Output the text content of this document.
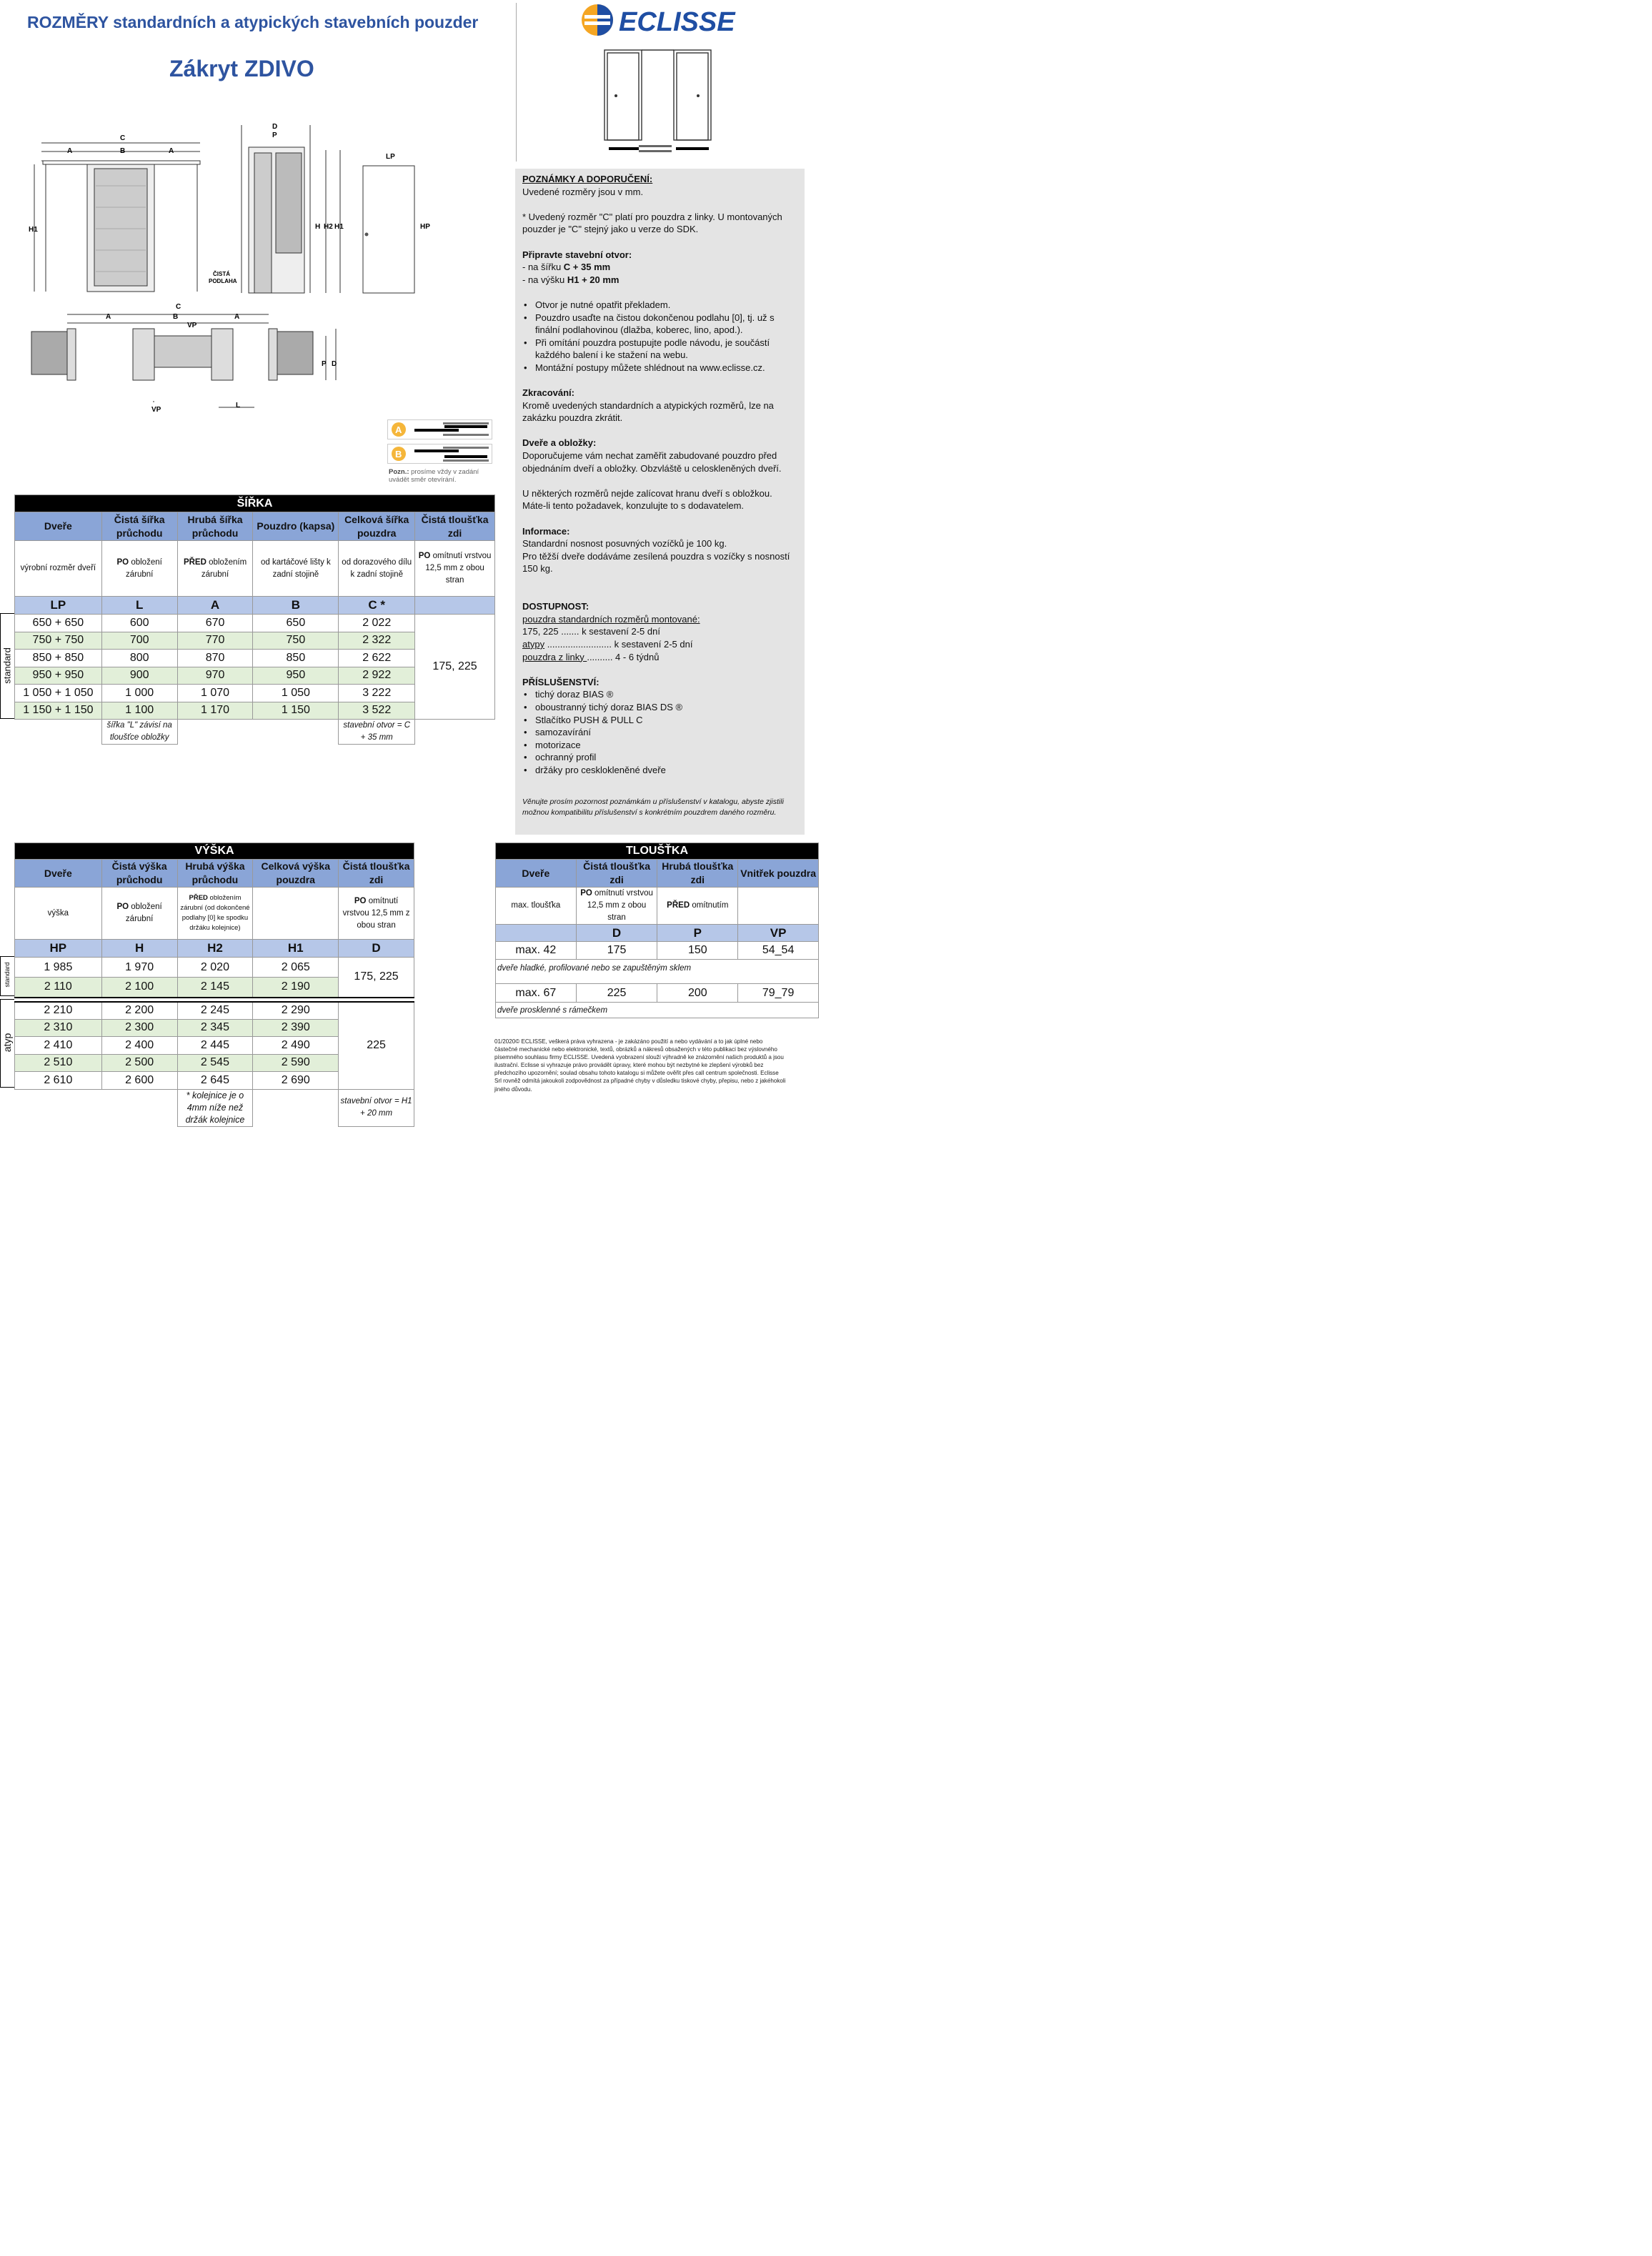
ROZMĚRY standardních a atypických stavebních pouzder
Zákryt ZDIVO
ECLISSE
C
A	B	A
H1
D
P
H H2 H1
ČISTÁ
PODLAHA
LP
HP
C
A	B	A
VP
P D
VP
L
A
B
Pozn.: prosíme vždy v zadání uvádět směr otevírání.
POZNÁMKY A DOPORUČENÍ:
Uvedené rozměry jsou v mm.
* Uvedený rozměr "C" platí pro pouzdra z linky. U montovaných pouzder je "C" stejný jako u verze do SDK.
Připravte stavební otvor:
- na šířku C + 35 mm
- na výšku H1 + 20 mm
• Otvor je nutné opatřit překladem.
• Pouzdro usaďte na čistou dokončenou podlahu [0], tj. už s finální podlahovinou (dlažba, koberec, lino, apod.).
• Při omítání pouzdra postupujte podle návodu, je součástí každého balení i ke stažení na webu.
• Montážní postupy můžete shlédnout na www.eclisse.cz.
Zkracování:
Kromě uvedených standardních a atypických rozměrů, lze na zakázku pouzdra zkrátit.
Dveře a obložky:
Doporučujeme vám nechat zaměřit zabudované pouzdro před objednáním dveří a obložky. Obzvláště u celoskleněných dveří.
U některých rozměrů nejde zalícovat hranu dveří s obložkou. Máte-li tento požadavek, konzulujte to s dodavatelem.
Informace:
Standardní nosnost posuvných vozíčků je 100 kg.
Pro těžší dveře dodáváme zesílená pouzdra s vozíčky s nosností 150 kg.
DOSTUPNOST:
pouzdra standardních rozměrů montované:
175, 225 ....... k sestavení 2-5 dní
atypy ......................... k sestavení 2-5 dní
pouzdra z linky .......... 4 - 6 týdnů
PŘÍSLUŠENSTVÍ:
• tichý doraz BIAS ®
• oboustranný tichý doraz BIAS DS ®
• Stlačítko PUSH & PULL C
• samozavírání
• motorizace
• ochranný profil
• držáky pro cesklokleněné dveře
Věnujte prosím pozornost poznámkám u příslušenství v katalogu, abyste zjistili možnou kompatibilitu příslušenství s konkrétním pouzdrem daného rozměru.
ŠÍŘKA					
Dveře	Čistá šířka průchodu	Hrubá šířka průchodu	Pouzdro (kapsa)	Celková šířka pouzdra	Čistá tloušťka zdi
výrobní rozměr dveří	PO obložení zárubní	PŘED obložením zárubní	od kartáčové lišty k zadní stojině	od dorazového dílu k zadní stojině	PO omítnutí vrstvou 12,5 mm z obou stran
LP	L	A	B	C *	
650 + 650	600	670	650	2 022	175, 225
750 + 750	700	770	750	2 322	
850 + 850	800	870	850	2 622	
950 + 950	900	970	950	2 922	
1 050 + 1 050	1 000	1 070	1 050	3 222	
1 150 + 1 150	1 100	1 170	1 150	3 522	
	šířka "L" závisí na tloušťce obložky			stavební otvor = C + 35 mm	
standard
VÝŠKA				
Dveře	Čistá výška průchodu	Hrubá výška průchodu	Celková výška pouzdra	Čistá tloušťka zdi
výška	PO obložení zárubní	PŘED obložením zárubní (od dokončené podlahy [0] ke spodku držáku kolejnice)		PO omítnutí vrstvou 12,5 mm z obou stran
HP	H	H2	H1	D
1 985	1 970	2 020	2 065	175, 225
2 110	2 100	2 145	2 190	

2 210	2 200	2 245	2 290	225
2 310	2 300	2 345	2 390	
2 410	2 400	2 445	2 490	
2 510	2 500	2 545	2 590	
2 610	2 600	2 645	2 690	
		* kolejnice je o 4mm níže než držák kolejnice		stavební otvor = H1 + 20 mm
standard
atyp
TLOUŠŤKA			
Dveře	Čistá tloušťka zdi	Hrubá tloušťka zdi	Vnitřek pouzdra
max. tloušťka	PO omítnutí vrstvou 12,5 mm z obou stran	PŘED omítnutím	
	D	P	VP
max. 42	175	150	54_54
dveře hladké, profilované nebo se zapuštěným sklem			

max. 67	225	200	79_79
dveře prosklenné s rámečkem			
01/2020© ECLISSE, veškerá práva vyhrazena - je zakázáno použití a nebo vydávání a to jak úplné nebo částečné mechanické nebo elektronické, textů, obrázků a nákresů obsažených v této publikaci bez výslovného písemného souhlasu firmy ECLISSE. Uvedená vyobrazení slouží výhradně ke znázornění našich produktů a jsou ilustrační. Eclisse si vyhrazuje právo provádět úpravy, které mohou být nezbytné ke zlepšení výrobků bez předchozího upozornění; soulad obsahu tohoto katalogu si můžete ověřit přes call centrum společnosti. Eclisse Srl rovněž odmítá jakoukoli zodpovědnost za případné chyby v důsledku tiskové chyby, přepisu, nebo z jakéhokoli jiného důvodu.
